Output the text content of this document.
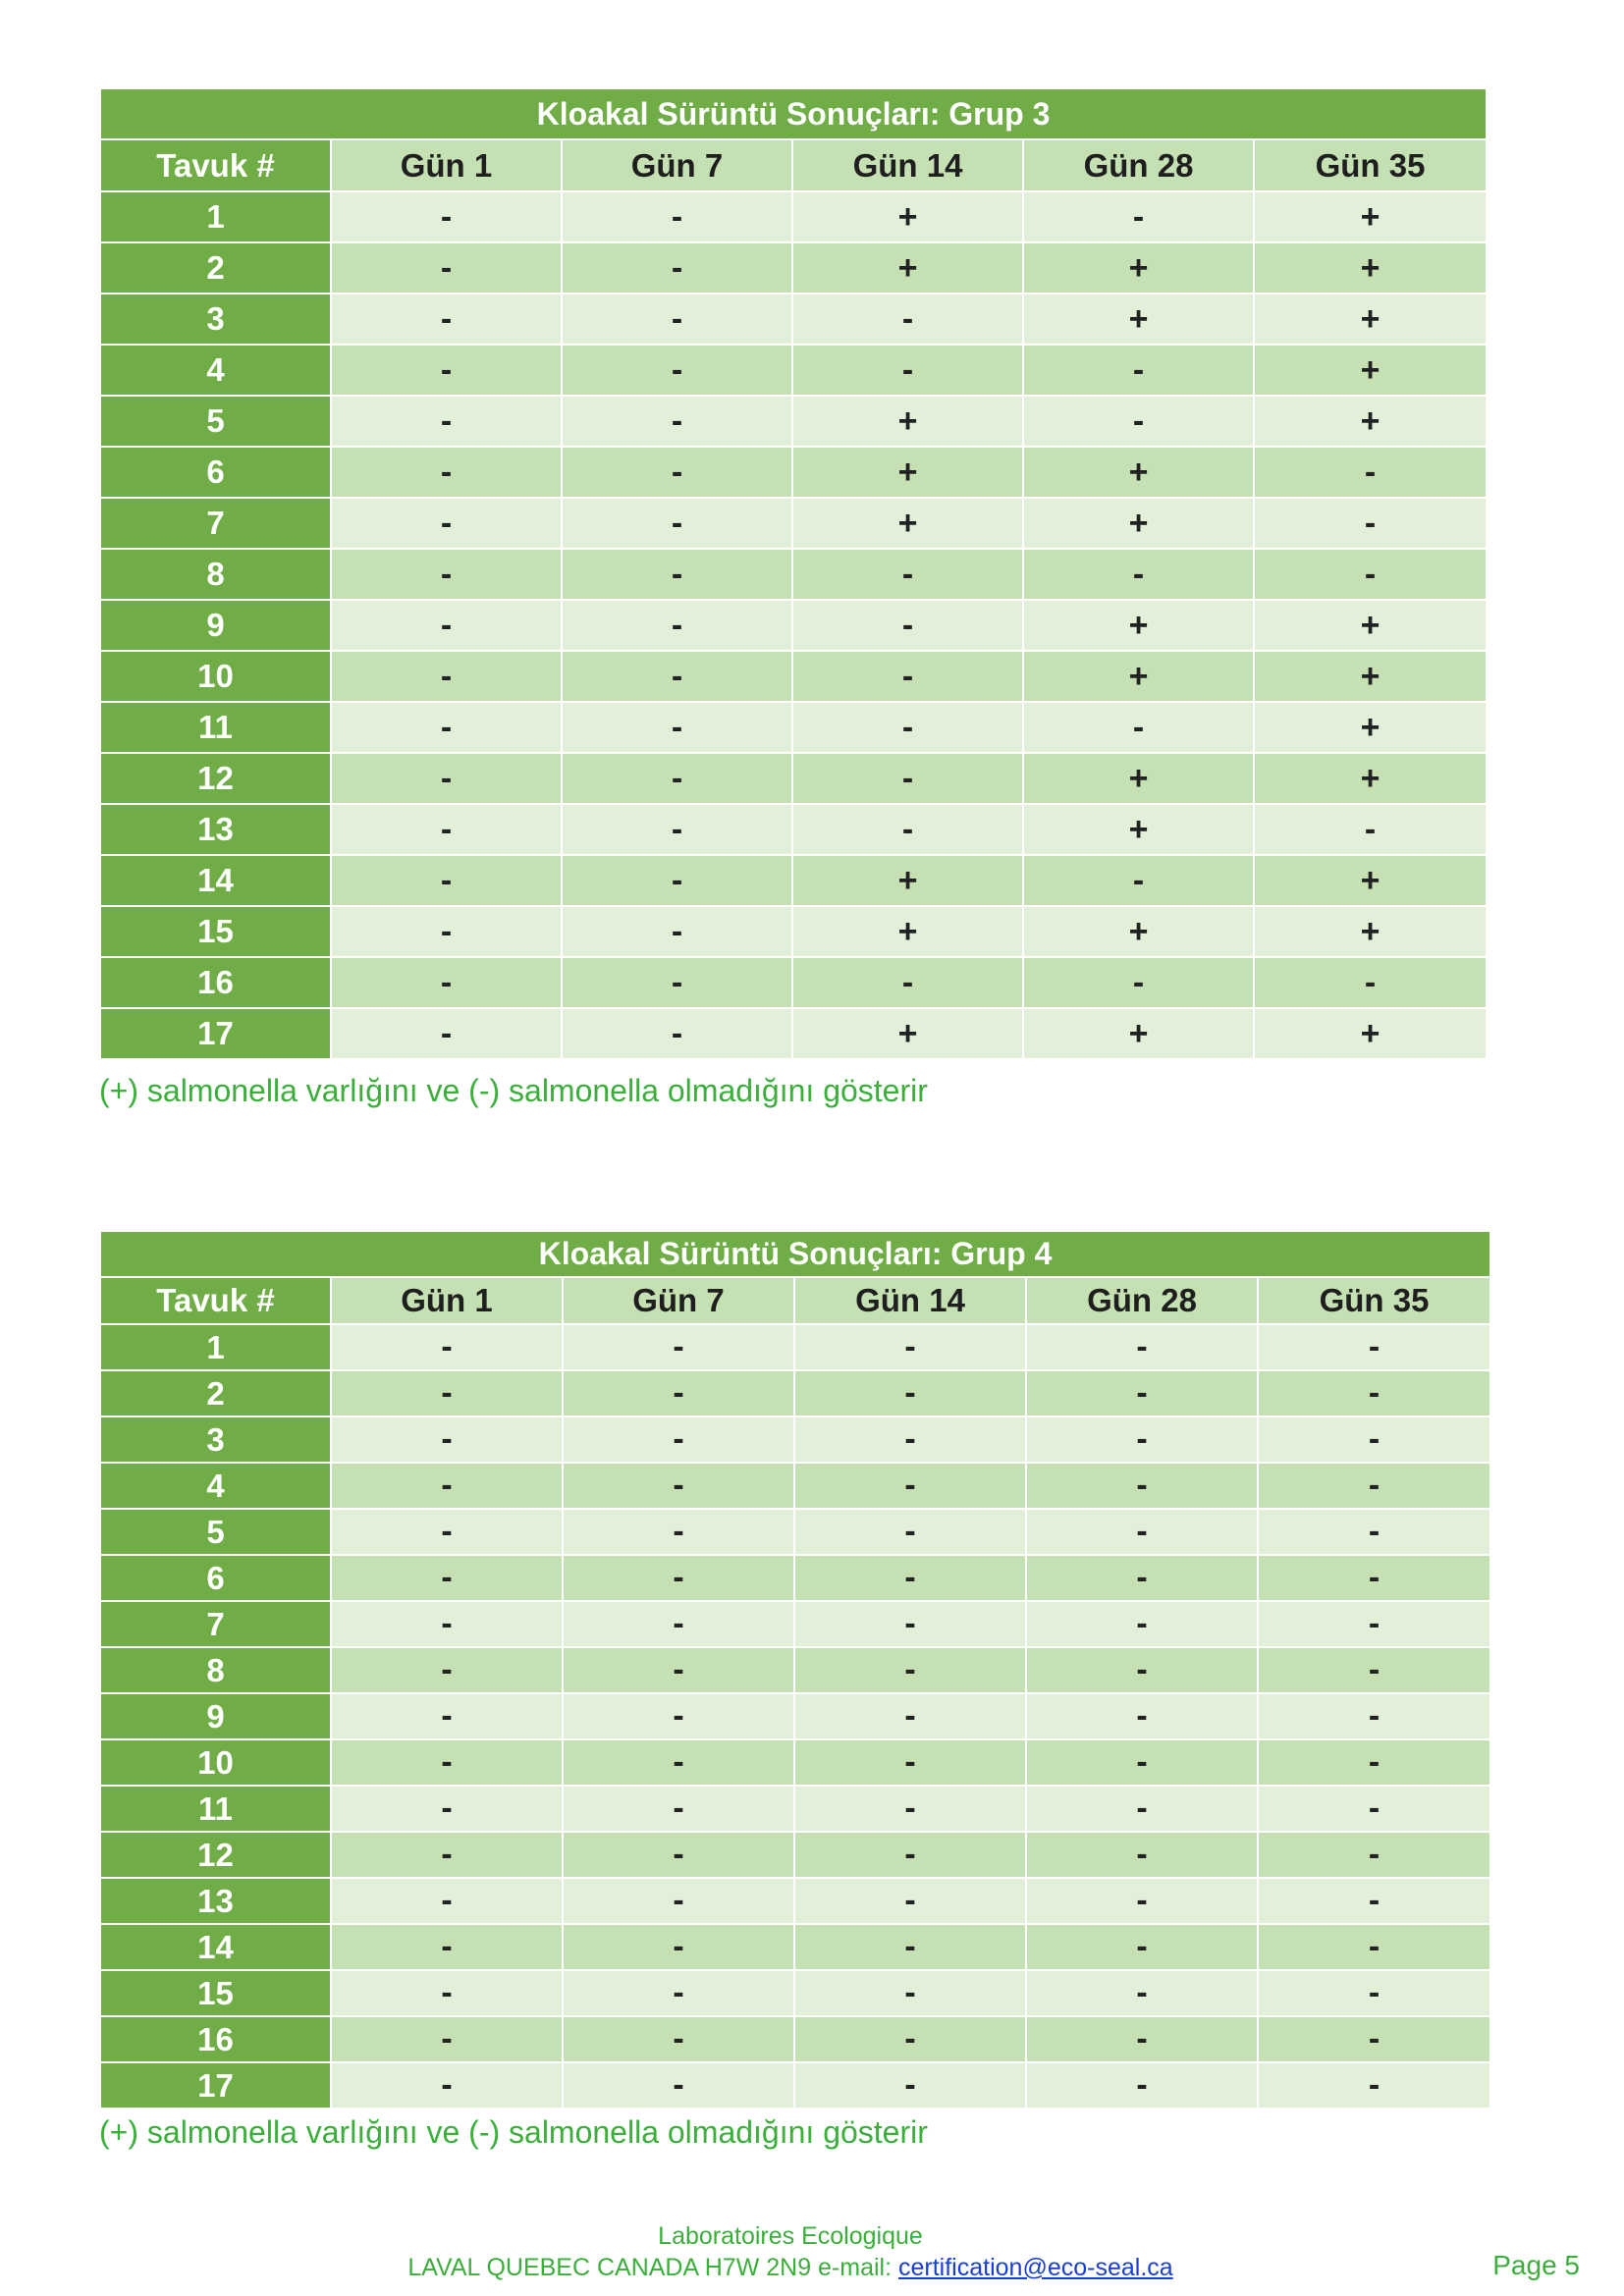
Kloakal Sürüntü Sonuçları: Grup 3					
Tavuk #	Gün 1	Gün 7	Gün 14	Gün 28	Gün 35
1	-	-	+	-	+
2	-	-	+	+	+
3	-	-	-	+	+
4	-	-	-	-	+
5	-	-	+	-	+
6	-	-	+	+	-
7	-	-	+	+	-
8	-	-	-	-	-
9	-	-	-	+	+
10	-	-	-	+	+
11	-	-	-	-	+
12	-	-	-	+	+
13	-	-	-	+	-
14	-	-	+	-	+
15	-	-	+	+	+
16	-	-	-	-	-
17	-	-	+	+	+
(+) salmonella varlığını ve (-) salmonella olmadığını gösterir
Kloakal Sürüntü Sonuçları: Grup 4					
Tavuk #	Gün 1	Gün 7	Gün 14	Gün 28	Gün 35
1	-	-	-	-	-
2	-	-	-	-	-
3	-	-	-	-	-
4	-	-	-	-	-
5	-	-	-	-	-
6	-	-	-	-	-
7	-	-	-	-	-
8	-	-	-	-	-
9	-	-	-	-	-
10	-	-	-	-	-
11	-	-	-	-	-
12	-	-	-	-	-
13	-	-	-	-	-
14	-	-	-	-	-
15	-	-	-	-	-
16	-	-	-	-	-
17	-	-	-	-	-
(+) salmonella varlığını ve (-) salmonella olmadığını gösterir
Laboratoires Ecologique
LAVAL QUEBEC CANADA H7W 2N9 e-mail: certification@eco-seal.ca	Page 5
